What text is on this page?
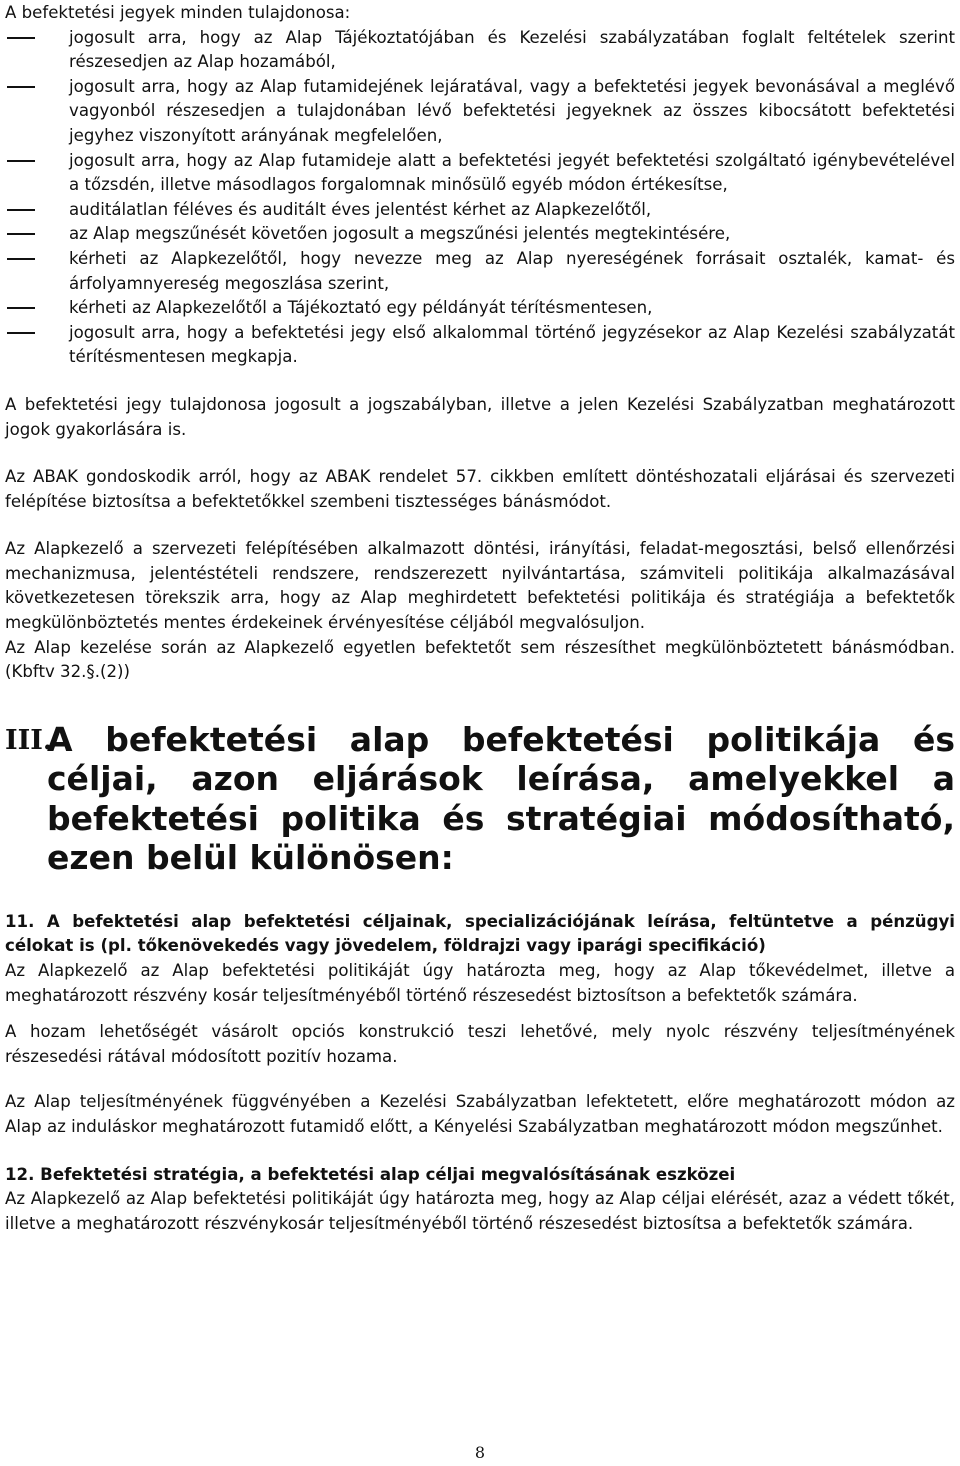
A befektetési jegyek minden tulajdonosa:

jogosult arra, hogy az Alap Tájékoztatójában és Kezelési szabályzatában foglalt feltételek szerint részesedjen az Alap hozamából,
jogosult arra, hogy az Alap futamidejének lejáratával, vagy a befektetési jegyek bevonásával a meglévő vagyonból részesedjen a tulajdonában lévő befektetési jegyeknek az összes kibocsátott befektetési jegyhez viszonyított arányának megfelelően,
jogosult arra, hogy az Alap futamideje alatt a befektetési jegyét befektetési szolgáltató igénybevételével a tőzsdén, illetve másodlagos forgalomnak minősülő egyéb módon értékesítse,
auditálatlan féléves és auditált éves jelentést kérhet az Alapkezelőtől,
az Alap megszűnését követően jogosult a megszűnési jelentés megtekintésére,
kérheti az Alapkezelőtől, hogy nevezze meg az Alap nyereségének forrásait osztalék, kamat- és árfolyamnyereség megoszlása szerint,
kérheti az Alapkezelőtől a Tájékoztató egy példányát térítésmentesen,
jogosult arra, hogy a befektetési jegy első alkalommal történő jegyzésekor az Alap Kezelési szabályzatát térítésmentesen megkapja.

A befektetési jegy tulajdonosa jogosult a jogszabályban, illetve a jelen Kezelési Szabályzatban meghatározott jogok gyakorlására is.

Az ABAK gondoskodik arról, hogy az ABAK rendelet 57. cikkben említett döntéshozatali eljárásai és szervezeti felépítése biztosítsa a befektetőkkel szembeni tisztességes bánásmódot.

Az Alapkezelő a szervezeti felépítésében alkalmazott döntési, irányítási, feladat-megosztási, belső ellenőrzési mechanizmusa, jelentéstételi rendszere, rendszerezett nyilvántartása, számviteli politikája alkalmazásával következetesen törekszik arra, hogy az Alap meghirdetett befektetési politikája és stratégiája a befektetők megkülönböztetés mentes érdekeinek érvényesítése céljából megvalósuljon.

Az Alap kezelése során az Alapkezelő egyetlen befektetőt sem részesíthet megkülönböztetett bánásmódban. (Kbftv 32.§.(2))

III.
A befektetési alap befektetési politikája és céljai, azon eljárások leírása, amelyekkel a befektetési politika és stratégiai módosítható, ezen belül különösen:
11. A befektetési alap befektetési céljainak, specializációjának leírása, feltüntetve a pénzügyi célokat is (pl. tőkenövekedés vagy jövedelem, földrajzi vagy iparági specifikáció)

Az Alapkezelő az Alap befektetési politikáját úgy határozta meg, hogy az Alap tőkevédelmet, illetve a meghatározott részvény kosár teljesítményéből történő részesedést biztosítson a befektetők számára.

A hozam lehetőségét vásárolt opciós konstrukció teszi lehetővé, mely nyolc részvény teljesítményének részesedési rátával módosított pozitív hozama.

Az Alap teljesítményének függvényében a Kezelési Szabályzatban lefektetett, előre meghatározott módon az Alap az induláskor meghatározott futamidő előtt, a Kényelési Szabályzatban meghatározott módon megszűnhet.

12. Befektetési stratégia, a befektetési alap céljai megvalósításának eszközei

Az Alapkezelő az Alap befektetési politikáját úgy határozta meg, hogy az Alap céljai elérését, azaz a védett tőkét, illetve a meghatározott részvénykosár teljesítményéből történő részesedést biztosítsa a befektetők számára.

8
